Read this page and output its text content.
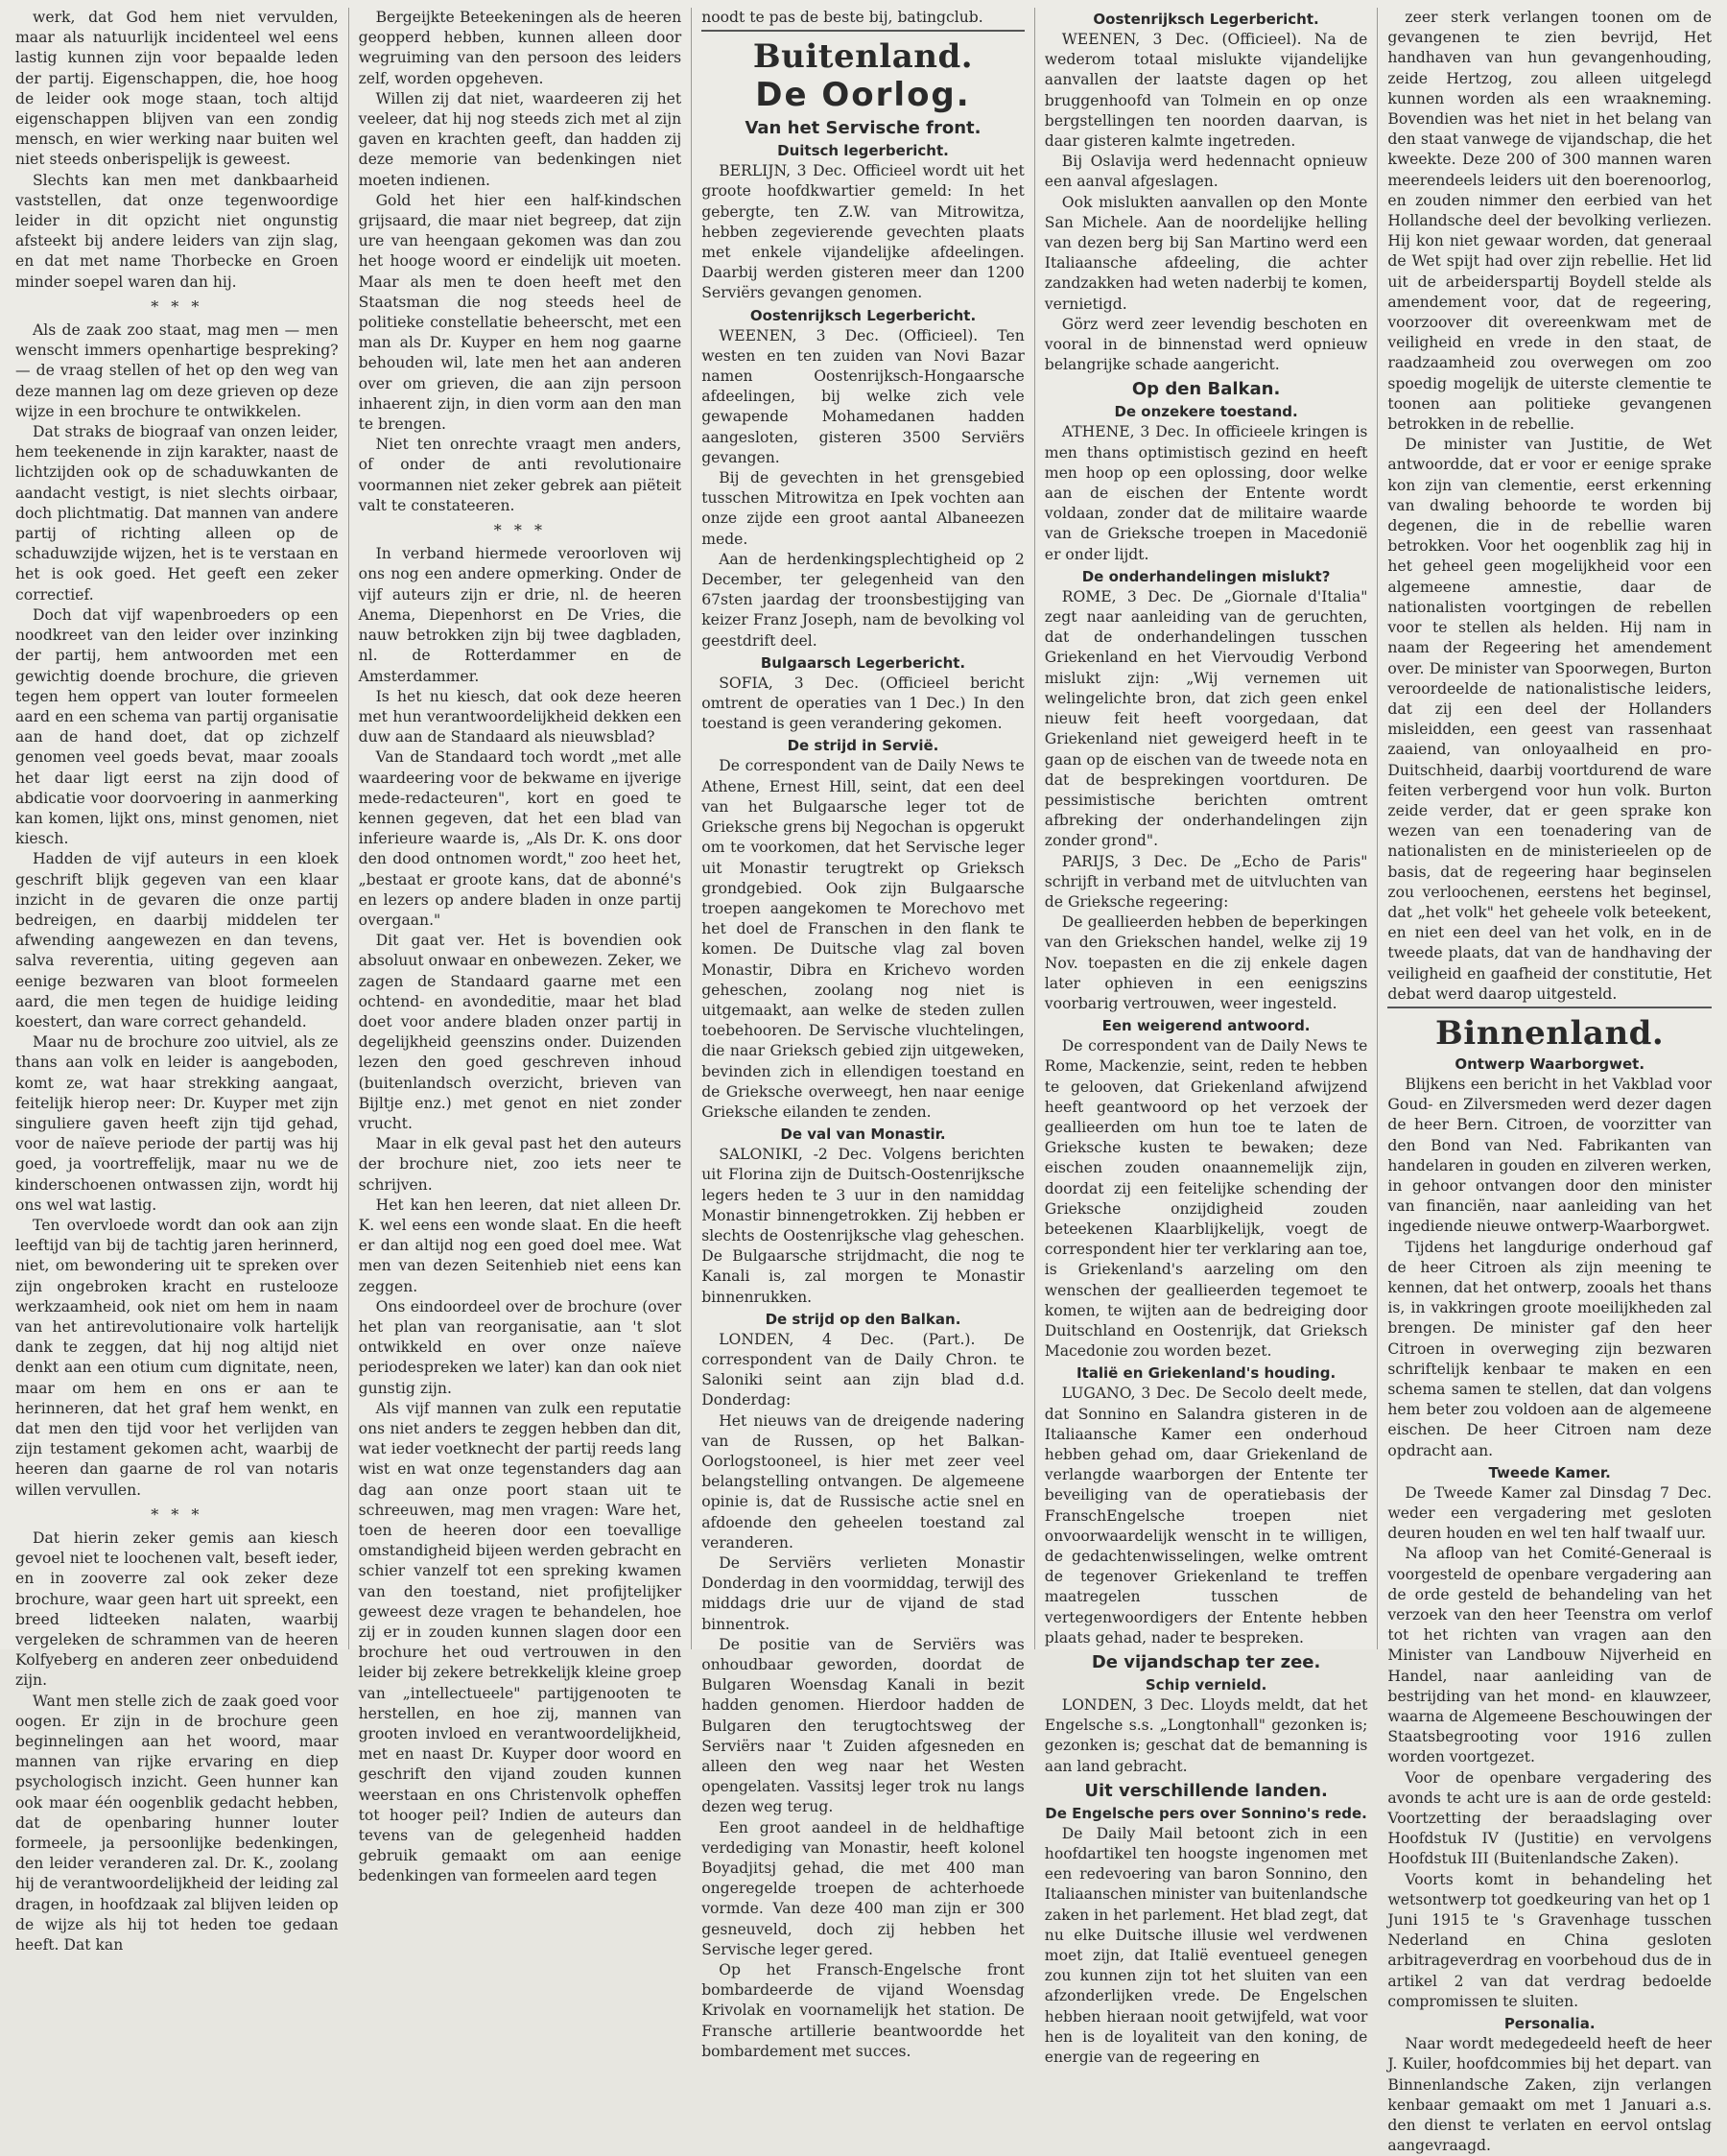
werk, dat God hem niet vervulden, maar als natuurlijk incidenteel wel eens lastig kunnen zijn voor bepaalde leden der partij. Eigenschappen, die, hoe hoog de leider ook moge staan, toch altijd eigenschappen blijven van een zondig mensch, en wier werking naar buiten wel niet steeds onberispelijk is geweest.

Slechts kan men met dankbaarheid vaststellen, dat onze tegenwoordige leider in dit opzicht niet ongunstig afsteekt bij andere leiders van zijn slag, en dat met name Thorbecke en Groen minder soepel waren dan hij.

* * *

Als de zaak zoo staat, mag men — men wenscht immers openhartige bespreking? — de vraag stellen of het op den weg van deze mannen lag om deze grieven op deze wijze in een brochure te ontwikkelen.

Dat straks de biograaf van onzen leider, hem teekenende in zijn karakter, naast de lichtzijden ook op de schaduwkanten de aandacht vestigt, is niet slechts oirbaar, doch plichtmatig. Dat mannen van andere partij of richting alleen op de schaduwzijde wijzen, het is te verstaan en het is ook goed. Het geeft een zeker correctief.

Doch dat vijf wapenbroeders op een noodkreet van den leider over inzinking der partij, hem antwoorden met een gewichtig doende brochure, die grieven tegen hem oppert van louter formeelen aard en een schema van partij organisatie aan de hand doet, dat op zichzelf genomen veel goeds bevat, maar zooals het daar ligt eerst na zijn dood of abdicatie voor doorvoering in aanmerking kan komen, lijkt ons, minst genomen, niet kiesch.

Hadden de vijf auteurs in een kloek geschrift blijk gegeven van een klaar inzicht in de gevaren die onze partij bedreigen, en daarbij middelen ter afwending aangewezen en dan tevens, salva reverentia, uiting gegeven aan eenige bezwaren van bloot formeelen aard, die men tegen de huidige leiding koestert, dan ware correct gehandeld.

Maar nu de brochure zoo uitviel, als ze thans aan volk en leider is aangeboden, komt ze, wat haar strekking aangaat, feitelijk hierop neer: Dr. Kuyper met zijn singuliere gaven heeft zijn tijd gehad, voor de naïeve periode der partij was hij goed, ja voortreffelijk, maar nu we de kinderschoenen ontwassen zijn, wordt hij ons wel wat lastig.

Ten overvloede wordt dan ook aan zijn leeftijd van bij de tachtig jaren herinnerd, niet, om bewondering uit te spreken over zijn ongebroken kracht en rustelooze werkzaamheid, ook niet om hem in naam van het antirevolutionaire volk hartelijk dank te zeggen, dat hij nog altijd niet denkt aan een otium cum dignitate, neen, maar om hem en ons er aan te herinneren, dat het graf hem wenkt, en dat men den tijd voor het verlijden van zijn testament gekomen acht, waarbij de heeren dan gaarne de rol van notaris willen vervullen.

* * *

Dat hierin zeker gemis aan kiesch gevoel niet te loochenen valt, beseft ieder, en in zooverre zal ook zeker deze brochure, waar geen hart uit spreekt, een breed lidteeken nalaten, waarbij vergeleken de schrammen van de heeren Kolfyeberg en anderen zeer onbeduidend zijn.

Want men stelle zich de zaak goed voor oogen. Er zijn in de brochure geen beginnelingen aan het woord, maar mannen van rijke ervaring en diep psychologisch inzicht. Geen hunner kan ook maar één oogenblik gedacht hebben, dat de openbaring hunner louter formeele, ja persoonlijke bedenkingen, den leider veranderen zal. Dr. K., zoolang hij de verantwoordelijkheid der leiding zal dragen, in hoofdzaak zal blijven leiden op de wijze als hij tot heden toe gedaan heeft. Dat kan

Bergeijkte Beteekeningen als de heeren geopperd hebben, kunnen alleen door wegruiming van den persoon des leiders zelf, worden opgeheven.

Willen zij dat niet, waardeeren zij het veeleer, dat hij nog steeds zich met al zijn gaven en krachten geeft, dan hadden zij deze memorie van bedenkingen niet moeten indienen.

Gold het hier een half-kindschen grijsaard, die maar niet begreep, dat zijn ure van heengaan gekomen was dan zou het hooge woord er eindelijk uit moeten. Maar als men te doen heeft met den Staatsman die nog steeds heel de politieke constellatie beheerscht, met een man als Dr. Kuyper en hem nog gaarne behouden wil, late men het aan anderen over om grieven, die aan zijn persoon inhaerent zijn, in dien vorm aan den man te brengen.

Niet ten onrechte vraagt men anders, of onder de anti revolutionaire voormannen niet zeker gebrek aan piëteit valt te constateeren.

* * *

In verband hiermede veroorloven wij ons nog een andere opmerking. Onder de vijf auteurs zijn er drie, nl. de heeren Anema, Diepenhorst en De Vries, die nauw betrokken zijn bij twee dagbladen, nl. de Rotterdammer en de Amsterdammer.

Is het nu kiesch, dat ook deze heeren met hun verantwoordelijkheid dekken een duw aan de Standaard als nieuwsblad?

Van de Standaard toch wordt „met alle waardeering voor de bekwame en ijverige mede-redacteuren", kort en goed te kennen gegeven, dat het een blad van inferieure waarde is, „Als Dr. K. ons door den dood ontnomen wordt," zoo heet het, „bestaat er groote kans, dat de abonné's en lezers op andere bladen in onze partij overgaan."

Dit gaat ver. Het is bovendien ook absoluut onwaar en onbewezen. Zeker, we zagen de Standaard gaarne met een ochtend- en avondeditie, maar het blad doet voor andere bladen onzer partij in degelijkheid geenszins onder. Duizenden lezen den goed geschreven inhoud (buitenlandsch overzicht, brieven van Bijltje enz.) met genot en niet zonder vrucht.

Maar in elk geval past het den auteurs der brochure niet, zoo iets neer te schrijven.

Het kan hen leeren, dat niet alleen Dr. K. wel eens een wonde slaat. En die heeft er dan altijd nog een goed doel mee. Wat men van dezen Seitenhieb niet eens kan zeggen.

Ons eindoordeel over de brochure (over het plan van reorganisatie, aan 't slot ontwikkeld en over onze naïeve periodespreken we later) kan dan ook niet gunstig zijn.

Als vijf mannen van zulk een reputatie ons niet anders te zeggen hebben dan dit, wat ieder voetknecht der partij reeds lang wist en wat onze tegenstanders dag aan dag aan onze poort staan uit te schreeuwen, mag men vragen: Ware het, toen de heeren door een toevallige omstandigheid bijeen werden gebracht en schier vanzelf tot een spreking kwamen van den toestand, niet profijtelijker geweest deze vragen te behandelen, hoe zij er in zouden kunnen slagen door een brochure het oud vertrouwen in den leider bij zekere betrekkelijk kleine groep van „intellectueele" partijgenooten te herstellen, en hoe zij, mannen van grooten invloed en verantwoordelijkheid, met en naast Dr. Kuyper door woord en geschrift den vijand zouden kunnen weerstaan en ons Christenvolk opheffen tot hooger peil? Indien de auteurs dan tevens van de gelegenheid hadden gebruik gemaakt om aan eenige bedenkingen van formeelen aard tegen

noodt te pas de beste bij, batingclub.

Buitenland.
De Oorlog.
Van het Servische front.
Duitsch legerbericht.

BERLIJN, 3 Dec. Officieel wordt uit het groote hoofdkwartier gemeld: In het gebergte, ten Z.W. van Mitrowitza, hebben zegevierende gevechten plaats met enkele vijandelijke afdeelingen. Daarbij werden gisteren meer dan 1200 Serviërs gevangen genomen.

Oostenrijksch Legerbericht.

WEENEN, 3 Dec. (Officieel). Ten westen en ten zuiden van Novi Bazar namen Oostenrijksch-Hongaarsche afdeelingen, bij welke zich vele gewapende Mohamedanen hadden aangesloten, gisteren 3500 Serviërs gevangen.

Bij de gevechten in het grensgebied tusschen Mitrowitza en Ipek vochten aan onze zijde een groot aantal Albaneezen mede.

Aan de herdenkingsplechtigheid op 2 December, ter gelegenheid van den 67sten jaardag der troonsbestijging van keizer Franz Joseph, nam de bevolking vol geestdrift deel.

Bulgaarsch Legerbericht.

SOFIA, 3 Dec. (Officieel bericht omtrent de operaties van 1 Dec.) In den toestand is geen verandering gekomen.

De strijd in Servië.

De correspondent van de Daily News te Athene, Ernest Hill, seint, dat een deel van het Bulgaarsche leger tot de Grieksche grens bij Negochan is opgerukt om te voorkomen, dat het Servische leger uit Monastir terugtrekt op Grieksch grondgebied. Ook zijn Bulgaarsche troepen aangekomen te Morechovo met het doel de Franschen in den flank te komen. De Duitsche vlag zal boven Monastir, Dibra en Krichevo worden geheschen, zoolang nog niet is uitgemaakt, aan welke de steden zullen toebehooren. De Servische vluchtelingen, die naar Grieksch gebied zijn uitgeweken, bevinden zich in ellendigen toestand en de Grieksche overweegt, hen naar eenige Grieksche eilanden te zenden.

De val van Monastir.

SALONIKI, -2 Dec. Volgens berichten uit Florina zijn de Duitsch-Oostenrijksche legers heden te 3 uur in den namiddag Monastir binnengetrokken. Zij hebben er slechts de Oostenrijksche vlag geheschen. De Bulgaarsche strijdmacht, die nog te Kanali is, zal morgen te Monastir binnenrukken.

De strijd op den Balkan.

LONDEN, 4 Dec. (Part.). De correspondent van de Daily Chron. te Saloniki seint aan zijn blad d.d. Donderdag:

Het nieuws van de dreigende nadering van de Russen, op het Balkan-Oorlogstooneel, is hier met zeer veel belangstelling ontvangen. De algemeene opinie is, dat de Russische actie snel en afdoende den geheelen toestand zal veranderen.

De Serviërs verlieten Monastir Donderdag in den voormiddag, terwijl des middags drie uur de vijand de stad binnentrok.

De positie van de Serviërs was onhoudbaar geworden, doordat de Bulgaren Woensdag Kanali in bezit hadden genomen. Hierdoor hadden de Bulgaren den terugtochtsweg der Serviërs naar 't Zuiden afgesneden en alleen den weg naar het Westen opengelaten. Vassitsj leger trok nu langs dezen weg terug.

Een groot aandeel in de heldhaftige verdediging van Monastir, heeft kolonel Boyadjitsj gehad, die met 400 man ongeregelde troepen de achterhoede vormde. Van deze 400 man zijn er 300 gesneuveld, doch zij hebben het Servische leger gered.

Op het Fransch-Engelsche front bombardeerde de vijand Woensdag Krivolak en voornamelijk het station. De Fransche artillerie beantwoordde het bombardement met succes.

Oostenrijksch Legerbericht.

WEENEN, 3 Dec. (Officieel). Na de wederom totaal mislukte vijandelijke aanvallen der laatste dagen op het bruggenhoofd van Tolmein en op onze bergstellingen ten noorden daarvan, is daar gisteren kalmte ingetreden.

Bij Oslavija werd hedennacht opnieuw een aanval afgeslagen.

Ook mislukten aanvallen op den Monte San Michele. Aan de noordelijke helling van dezen berg bij San Martino werd een Italiaansche afdeeling, die achter zandzakken had weten naderbij te komen, vernietigd.

Görz werd zeer levendig beschoten en vooral in de binnenstad werd opnieuw belangrijke schade aangericht.

Op den Balkan.
De onzekere toestand.

ATHENE, 3 Dec. In officieele kringen is men thans optimistisch gezind en heeft men hoop op een oplossing, door welke aan de eischen der Entente wordt voldaan, zonder dat de militaire waarde van de Grieksche troepen in Macedonië er onder lijdt.

De onderhandelingen mislukt?

ROME, 3 Dec. De „Giornale d'Italia" zegt naar aanleiding van de geruchten, dat de onderhandelingen tusschen Griekenland en het Viervoudig Verbond mislukt zijn: „Wij vernemen uit welingelichte bron, dat zich geen enkel nieuw feit heeft voorgedaan, dat Griekenland niet geweigerd heeft in te gaan op de eischen van de tweede nota en dat de besprekingen voortduren. De pessimistische berichten omtrent afbreking der onderhandelingen zijn zonder grond".

PARIJS, 3 Dec. De „Echo de Paris" schrijft in verband met de uitvluchten van de Grieksche regeering:

De geallieerden hebben de beperkingen van den Griekschen handel, welke zij 19 Nov. toepasten en die zij enkele dagen later ophieven in een eenigszins voorbarig vertrouwen, weer ingesteld.

Een weigerend antwoord.

De correspondent van de Daily News te Rome, Mackenzie, seint, reden te hebben te gelooven, dat Griekenland afwijzend heeft geantwoord op het verzoek der geallieerden om hun toe te laten de Grieksche kusten te bewaken; deze eischen zouden onaannemelijk zijn, doordat zij een feitelijke schending der Grieksche onzijdigheid zouden beteekenen Klaarblijkelijk, voegt de correspondent hier ter verklaring aan toe, is Griekenland's aarzeling om den wenschen der geallieerden tegemoet te komen, te wijten aan de bedreiging door Duitschland en Oostenrijk, dat Grieksch Macedonie zou worden bezet.

Italië en Griekenland's houding.

LUGANO, 3 Dec. De Secolo deelt mede, dat Sonnino en Salandra gisteren in de Italiaansche Kamer een onderhoud hebben gehad om, daar Griekenland de verlangde waarborgen der Entente ter beveiliging van de operatiebasis der FranschEngelsche troepen niet onvoorwaardelijk wenscht in te willigen, de gedachtenwisselingen, welke omtrent de tegenover Griekenland te treffen maatregelen tusschen de vertegenwoordigers der Entente hebben plaats gehad, nader te bespreken.

De vijandschap ter zee.
Schip vernield.

LONDEN, 3 Dec. Lloyds meldt, dat het Engelsche s.s. „Longtonhall" gezonken is; gezonken is; geschat dat de bemanning is aan land gebracht.

Uit verschillende landen.
De Engelsche pers over Sonnino's rede.

De Daily Mail betoont zich in een hoofdartikel ten hoogste ingenomen met een redevoering van baron Sonnino, den Italiaanschen minister van buitenlandsche zaken in het parlement. Het blad zegt, dat nu elke Duitsche illusie wel verdwenen moet zijn, dat Italië eventueel genegen zou kunnen zijn tot het sluiten van een afzonderlijken vrede. De Engelschen hebben hieraan nooit getwijfeld, wat voor hen is de loyaliteit van den koning, de energie van de regeering en

zeer sterk verlangen toonen om de gevangenen te zien bevrijd, Het handhaven van hun gevangenhouding, zeide Hertzog, zou alleen uitgelegd kunnen worden als een wraakneming. Bovendien was het niet in het belang van den staat vanwege de vijandschap, die het kweekte. Deze 200 of 300 mannen waren meerendeels leiders uit den boerenoorlog, en zouden nimmer den eerbied van het Hollandsche deel der bevolking verliezen. Hij kon niet gewaar worden, dat generaal de Wet spijt had over zijn rebellie. Het lid uit de arbeiderspartij Boydell stelde als amendement voor, dat de regeering, voorzoover dit overeenkwam met de veiligheid en vrede in den staat, de raadzaamheid zou overwegen om zoo spoedig mogelijk de uiterste clementie te toonen aan politieke gevangenen betrokken in de rebellie.

De minister van Justitie, de Wet antwoordde, dat er voor er eenige sprake kon zijn van clementie, eerst erkenning van dwaling behoorde te worden bij degenen, die in de rebellie waren betrokken. Voor het oogenblik zag hij in het geheel geen mogelijkheid voor een algemeene amnestie, daar de nationalisten voortgingen de rebellen voor te stellen als helden. Hij nam in naam der Regeering het amendement over. De minister van Spoorwegen, Burton veroordeelde de nationalistische leiders, dat zij een deel der Hollanders misleidden, een geest van rassenhaat zaaiend, van onloyaalheid en pro-Duitschheid, daarbij voortdurend de ware feiten verbergend voor hun volk. Burton zeide verder, dat er geen sprake kon wezen van een toenadering van de nationalisten en de ministerieelen op de basis, dat de regeering haar beginselen zou verloochenen, eerstens het beginsel, dat „het volk" het geheele volk beteekent, en niet een deel van het volk, en in de tweede plaats, dat van de handhaving der veiligheid en gaafheid der constitutie, Het debat werd daarop uitgesteld.

Binnenland.
Ontwerp Waarborgwet.

Blijkens een bericht in het Vakblad voor Goud- en Zilversmeden werd dezer dagen de heer Bern. Citroen, de voorzitter van den Bond van Ned. Fabrikanten van handelaren in gouden en zilveren werken, in gehoor ontvangen door den minister van financiën, naar aanleiding van het ingediende nieuwe ontwerp-Waarborgwet.

Tijdens het langdurige onderhoud gaf de heer Citroen als zijn meening te kennen, dat het ontwerp, zooals het thans is, in vakkringen groote moeilijkheden zal brengen. De minister gaf den heer Citroen in overweging zijn bezwaren schriftelijk kenbaar te maken en een schema samen te stellen, dat dan volgens hem beter zou voldoen aan de algemeene eischen. De heer Citroen nam deze opdracht aan.

Tweede Kamer.

De Tweede Kamer zal Dinsdag 7 Dec. weder een vergadering met gesloten deuren houden en wel ten half twaalf uur.

Na afloop van het Comité-Generaal is voorgesteld de openbare vergadering aan de orde gesteld de behandeling van het verzoek van den heer Teenstra om verlof tot het richten van vragen aan den Minister van Landbouw Nijverheid en Handel, naar aanleiding van de bestrijding van het mond- en klauwzeer, waarna de Algemeene Beschouwingen der Staatsbegrooting voor 1916 zullen worden voortgezet.

Voor de openbare vergadering des avonds te acht ure is aan de orde gesteld: Voortzetting der beraadslaging over Hoofdstuk IV (Justitie) en vervolgens Hoofdstuk III (Buitenlandsche Zaken).

Voorts komt in behandeling het wetsontwerp tot goedkeuring van het op 1 Juni 1915 te 's Gravenhage tusschen Nederland en China gesloten arbitrageverdrag en voorbehoud dus de in artikel 2 van dat verdrag bedoelde compromissen te sluiten.

Personalia.

Naar wordt medegedeeld heeft de heer J. Kuiler, hoofdcommies bij het depart. van Binnenlandsche Zaken, zijn verlangen kenbaar gemaakt om met 1 Januari a.s. den dienst te verlaten en eervol ontslag aangevraagd.
